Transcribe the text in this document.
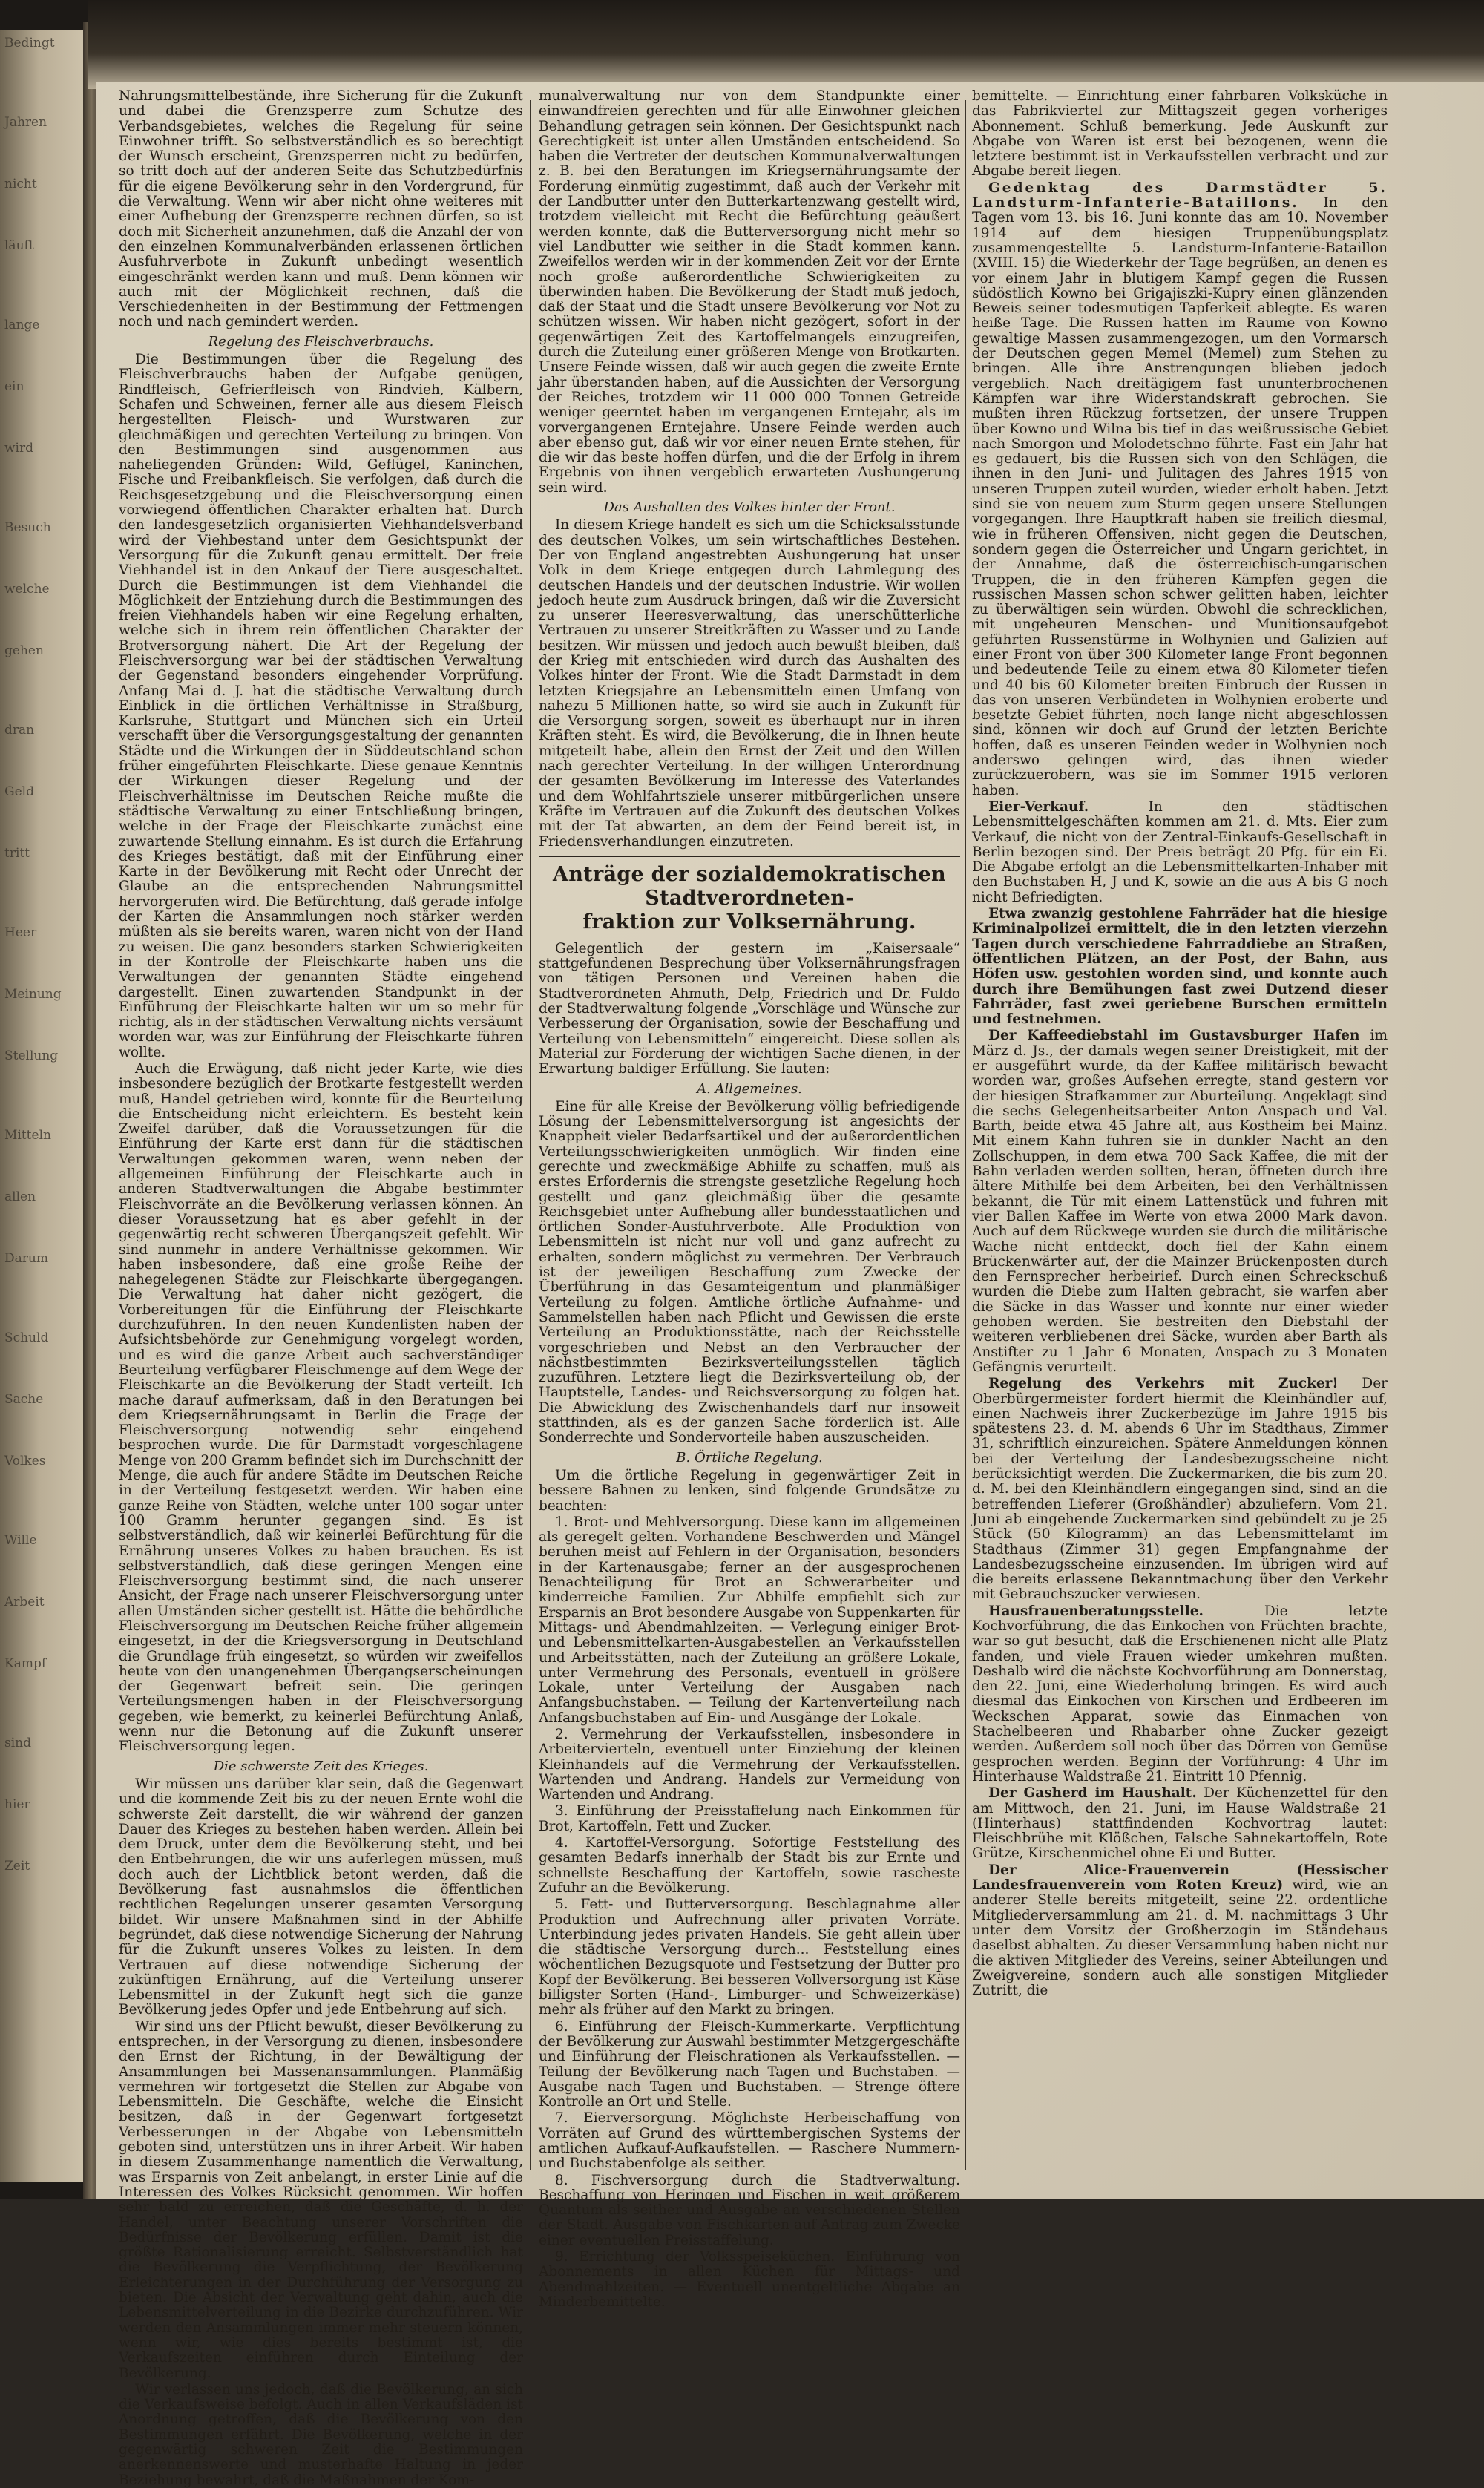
Bedingt
Jahren
nicht
läuft
lange
ein
wird
Besuch
welche
gehen
dran
Geld
tritt
Heer
Meinung
Stellung
Mitteln
allen
Darum
Schuld
Sache
Volkes
Wille
Arbeit
Kampf
sind
hier
Zeit

Nahrungsmittelbestände, ihre Sicherung für die Zukunft und dabei die Grenzsperre zum Schutze des Verbandsgebietes, welches die Regelung für seine Einwohner trifft. So selbstverständlich es so berechtigt der Wunsch erscheint, Grenzsperren nicht zu bedürfen, so tritt doch auf der anderen Seite das Schutzbedürfnis für die eigene Bevölkerung sehr in den Vordergrund, für die Verwaltung. Wenn wir aber nicht ohne weiteres mit einer Aufhebung der Grenzsperre rechnen dürfen, so ist doch mit Sicherheit anzunehmen, daß die Anzahl der von den einzelnen Kommunalverbänden erlassenen örtlichen Ausfuhrverbote in Zukunft unbedingt wesentlich eingeschränkt werden kann und muß. Denn können wir auch mit der Möglichkeit rechnen, daß die Verschiedenheiten in der Bestimmung der Fettmengen noch und nach gemindert werden.

Regelung des Fleischverbrauchs.

Die Bestimmungen über die Regelung des Fleischverbrauchs haben der Aufgabe genügen, Rindfleisch, Gefrierfleisch von Rindvieh, Kälbern, Schafen und Schweinen, ferner alle aus diesem Fleisch hergestellten Fleisch- und Wurstwaren zur gleichmäßigen und gerechten Verteilung zu bringen. Von den Bestimmungen sind ausgenommen aus naheliegenden Gründen: Wild, Geflügel, Kaninchen, Fische und Freibankfleisch. Sie verfolgen, daß durch die Reichsgesetzgebung und die Fleischversorgung einen vorwiegend öffentlichen Charakter erhalten hat. Durch den landesgesetzlich organisierten Viehhandelsverband wird der Viehbestand unter dem Gesichtspunkt der Versorgung für die Zukunft genau ermittelt. Der freie Viehhandel ist in den Ankauf der Tiere ausgeschaltet. Durch die Bestimmungen ist dem Viehhandel die Möglichkeit der Entziehung durch die Bestimmungen des freien Viehhandels haben wir eine Regelung erhalten, welche sich in ihrem rein öffentlichen Charakter der Brotversorgung nähert. Die Art der Regelung der Fleischversorgung war bei der städtischen Verwaltung der Gegenstand besonders eingehender Vorprüfung. Anfang Mai d. J. hat die städtische Verwaltung durch Einblick in die örtlichen Verhältnisse in Straßburg, Karlsruhe, Stuttgart und München sich ein Urteil verschafft über die Versorgungsgestaltung der genannten Städte und die Wirkungen der in Süddeutschland schon früher eingeführten Fleischkarte. Diese genaue Kenntnis der Wirkungen dieser Regelung und der Fleischverhältnisse im Deutschen Reiche mußte die städtische Verwaltung zu einer Entschließung bringen, welche in der Frage der Fleischkarte zunächst eine zuwartende Stellung einnahm. Es ist durch die Erfahrung des Krieges bestätigt, daß mit der Einführung einer Karte in der Bevölkerung mit Recht oder Unrecht der Glaube an die entsprechenden Nahrungsmittel hervorgerufen wird. Die Befürchtung, daß gerade infolge der Karten die Ansammlungen noch stärker werden müßten als sie bereits waren, waren nicht von der Hand zu weisen. Die ganz besonders starken Schwierigkeiten in der Kontrolle der Fleischkarte haben uns die Verwaltungen der genannten Städte eingehend dargestellt. Einen zuwartenden Standpunkt in der Einführung der Fleischkarte halten wir um so mehr für richtig, als in der städtischen Verwaltung nichts versäumt worden war, was zur Einführung der Fleischkarte führen wollte.

Auch die Erwägung, daß nicht jeder Karte, wie dies insbesondere bezüglich der Brotkarte festgestellt werden muß, Handel getrieben wird, konnte für die Beurteilung die Entscheidung nicht erleichtern. Es besteht kein Zweifel darüber, daß die Voraussetzungen für die Einführung der Karte erst dann für die städtischen Verwaltungen gekommen waren, wenn neben der allgemeinen Einführung der Fleischkarte auch in anderen Stadtverwaltungen die Abgabe bestimmter Fleischvorräte an die Bevölkerung verlassen können. An dieser Voraussetzung hat es aber gefehlt in der gegenwärtig recht schweren Übergangszeit gefehlt. Wir sind nunmehr in andere Verhältnisse gekommen. Wir haben insbesondere, daß eine große Reihe der nahegelegenen Städte zur Fleischkarte übergegangen. Die Verwaltung hat daher nicht gezögert, die Vorbereitungen für die Einführung der Fleischkarte durchzuführen. In den neuen Kundenlisten haben der Aufsichtsbehörde zur Genehmigung vorgelegt worden, und es wird die ganze Arbeit auch sachverständiger Beurteilung verfügbarer Fleischmenge auf dem Wege der Fleischkarte an die Bevölkerung der Stadt verteilt. Ich mache darauf aufmerksam, daß in den Beratungen bei dem Kriegsernährungsamt in Berlin die Frage der Fleischversorgung notwendig sehr eingehend besprochen wurde. Die für Darmstadt vorgeschlagene Menge von 200 Gramm befindet sich im Durchschnitt der Menge, die auch für andere Städte im Deutschen Reiche in der Verteilung festgesetzt werden. Wir haben eine ganze Reihe von Städten, welche unter 100 sogar unter 100 Gramm herunter gegangen sind. Es ist selbstverständlich, daß wir keinerlei Befürchtung für die Ernährung unseres Volkes zu haben brauchen. Es ist selbstverständlich, daß diese geringen Mengen eine Fleischversorgung bestimmt sind, die nach unserer Ansicht, der Frage nach unserer Fleischversorgung unter allen Umständen sicher gestellt ist. Hätte die behördliche Fleischversorgung im Deutschen Reiche früher allgemein eingesetzt, in der die Kriegsversorgung in Deutschland die Grundlage früh eingesetzt, so würden wir zweifellos heute von den unangenehmen Übergangserscheinungen der Gegenwart befreit sein. Die geringen Verteilungsmengen haben in der Fleischversorgung gegeben, wie bemerkt, zu keinerlei Befürchtung Anlaß, wenn nur die Betonung auf die Zukunft unserer Fleischversorgung legen.

Die schwerste Zeit des Krieges.

Wir müssen uns darüber klar sein, daß die Gegenwart und die kommende Zeit bis zu der neuen Ernte wohl die schwerste Zeit darstellt, die wir während der ganzen Dauer des Krieges zu bestehen haben werden. Allein bei dem Druck, unter dem die Bevölkerung steht, und bei den Entbehrungen, die wir uns auferlegen müssen, muß doch auch der Lichtblick betont werden, daß die Bevölkerung fast ausnahmslos die öffentlichen rechtlichen Regelungen unserer gesamten Versorgung bildet. Wir unsere Maßnahmen sind in der Abhilfe begründet, daß diese notwendige Sicherung der Nahrung für die Zukunft unseres Volkes zu leisten. In dem Vertrauen auf diese notwendige Sicherung der zukünftigen Ernährung, auf die Verteilung unserer Lebensmittel in der Zukunft hegt sich die ganze Bevölkerung jedes Opfer und jede Entbehrung auf sich.

Wir sind uns der Pflicht bewußt, dieser Bevölkerung zu entsprechen, in der Versorgung zu dienen, insbesondere den Ernst der Richtung, in der Bewältigung der Ansammlungen bei Massenansammlungen. Planmäßig vermehren wir fortgesetzt die Stellen zur Abgabe von Lebensmitteln. Die Geschäfte, welche die Einsicht besitzen, daß in der Gegenwart fortgesetzt Verbesserungen in der Abgabe von Lebensmitteln geboten sind, unterstützen uns in ihrer Arbeit. Wir haben in diesem Zusammenhange namentlich die Verwaltung, was Ersparnis von Zeit anbelangt, in erster Linie auf die Interessen des Volkes Rücksicht genommen. Wir hoffen sehr bald zu erreichen, daß die Geschäfte, d. h. der Handel, unter Beachtung unserer Vorschriften die Bedürfnisse der Bevölkerung erfüllen. Damit ist die größte Rationalisierung erreicht. Selbstverständlich hat die Bevölkerung die Verpflichtung, der Bevölkerung Erleichterungen in der Durchführung der Versorgung zu bieten. Die Absicht der Verwaltung geht dahin, auch die Lebensmittelverteilung in die Bezirke durchzuführen. Wir werden den Ansammlungen immer mehr steuern können, wenn wir, wie dies bereits bestimmt ist, die Verkaufszeiten einführen durch Einteilung der Bevölkerung.

Wir verlassen uns jedoch, daß die Bevölkerung, an sich die Verkaufsweise befolgt. Auch in allen Verkaufsläden ist Anordnung getroffen, daß die Bevölkerung von den Bestimmungen erfährt. Die Bevölkerung, welche in der gegenwärtig schweren Zeit die Bestimmungen anerkennenswerte und musterhafte Haltung in jeder Beziehung bewahrt, daß die Maßnahmen der Kom-

munalverwaltung nur von dem Standpunkte einer einwandfreien gerechten und für alle Einwohner gleichen Behandlung getragen sein können. Der Gesichtspunkt nach Gerechtigkeit ist unter allen Umständen entscheidend. So haben die Vertreter der deutschen Kommunalverwaltungen z. B. bei den Beratungen im Kriegsernährungsamte der Forderung einmütig zugestimmt, daß auch der Verkehr mit der Landbutter unter den Butterkartenzwang gestellt wird, trotzdem vielleicht mit Recht die Befürchtung geäußert werden konnte, daß die Butterversorgung nicht mehr so viel Landbutter wie seither in die Stadt kommen kann. Zweifellos werden wir in der kommenden Zeit vor der Ernte noch große außerordentliche Schwierigkeiten zu überwinden haben. Die Bevölkerung der Stadt muß jedoch, daß der Staat und die Stadt unsere Bevölkerung vor Not zu schützen wissen. Wir haben nicht gezögert, sofort in der gegenwärtigen Zeit des Kartoffelmangels einzugreifen, durch die Zuteilung einer größeren Menge von Brotkarten. Unsere Feinde wissen, daß wir auch gegen die zweite Ernte jahr überstanden haben, auf die Aussichten der Versorgung der Reiches, trotzdem wir 11 000 000 Tonnen Getreide weniger geerntet haben im vergangenen Erntejahr, als im vorvergangenen Erntejahre. Unsere Feinde werden auch aber ebenso gut, daß wir vor einer neuen Ernte stehen, für die wir das beste hoffen dürfen, und die der Erfolg in ihrem Ergebnis von ihnen vergeblich erwarteten Aushungerung sein wird.

Das Aushalten des Volkes hinter der Front.

In diesem Kriege handelt es sich um die Schicksalsstunde des deutschen Volkes, um sein wirtschaftliches Bestehen. Der von England angestrebten Aushungerung hat unser Volk in dem Kriege entgegen durch Lahmlegung des deutschen Handels und der deutschen Industrie. Wir wollen jedoch heute zum Ausdruck bringen, daß wir die Zuversicht zu unserer Heeresverwaltung, das unerschütterliche Vertrauen zu unserer Streitkräften zu Wasser und zu Lande besitzen. Wir müssen und jedoch auch bewußt bleiben, daß der Krieg mit entschieden wird durch das Aushalten des Volkes hinter der Front. Wie die Stadt Darmstadt in dem letzten Kriegsjahre an Lebensmitteln einen Umfang von nahezu 5 Millionen hatte, so wird sie auch in Zukunft für die Versorgung sorgen, soweit es überhaupt nur in ihren Kräften steht. Es wird, die Bevölkerung, die in Ihnen heute mitgeteilt habe, allein den Ernst der Zeit und den Willen nach gerechter Verteilung. In der willigen Unterordnung der gesamten Bevölkerung im Interesse des Vaterlandes und dem Wohlfahrtsziele unserer mitbürgerlichen unsere Kräfte im Vertrauen auf die Zukunft des deutschen Volkes mit der Tat abwarten, an dem der Feind bereit ist, in Friedensverhandlungen einzutreten.

Anträge der sozialdemokratischen Stadtverordneten-
fraktion zur Volksernährung.

Gelegentlich der gestern im „Kaisersaale“ stattgefundenen Besprechung über Volksernährungsfragen von tätigen Personen und Vereinen haben die Stadtverordneten Ahmuth, Delp, Friedrich und Dr. Fuldo der Stadtverwaltung folgende „Vorschläge und Wünsche zur Verbesserung der Organisation, sowie der Beschaffung und Verteilung von Lebensmitteln“ eingereicht. Diese sollen als Material zur Förderung der wichtigen Sache dienen, in der Erwartung baldiger Erfüllung. Sie lauten:

A. Allgemeines.

Eine für alle Kreise der Bevölkerung völlig befriedigende Lösung der Lebensmittelversorgung ist angesichts der Knappheit vieler Bedarfsartikel und der außerordentlichen Verteilungsschwierigkeiten unmöglich. Wir finden eine gerechte und zweckmäßige Abhilfe zu schaffen, muß als erstes Erfordernis die strengste gesetzliche Regelung hoch gestellt und ganz gleichmäßig über die gesamte Reichsgebiet unter Aufhebung aller bundesstaatlichen und örtlichen Sonder-Ausfuhrverbote. Alle Produktion von Lebensmitteln ist nicht nur voll und ganz aufrecht zu erhalten, sondern möglichst zu vermehren. Der Verbrauch ist der jeweiligen Beschaffung zum Zwecke der Überführung in das Gesamteigentum und planmäßiger Verteilung zu folgen. Amtliche örtliche Aufnahme- und Sammelstellen haben nach Pflicht und Gewissen die erste Verteilung an Produktionsstätte, nach der Reichsstelle vorgeschrieben und Nebst an den Verbraucher der nächstbestimmten Bezirksverteilungsstellen täglich zuzuführen. Letztere liegt die Bezirksverteilung ob, der Hauptstelle, Landes- und Reichsversorgung zu folgen hat. Die Abwicklung des Zwischenhandels darf nur insoweit stattfinden, als es der ganzen Sache förderlich ist. Alle Sonderrechte und Sondervorteile haben auszuscheiden.

B. Örtliche Regelung.

Um die örtliche Regelung in gegenwärtiger Zeit in bessere Bahnen zu lenken, sind folgende Grundsätze zu beachten:

1. Brot- und Mehlversorgung. Diese kann im allgemeinen als geregelt gelten. Vorhandene Beschwerden und Mängel beruhen meist auf Fehlern in der Organisation, besonders in der Kartenausgabe; ferner an der ausgesprochenen Benachteiligung für Brot an Schwerarbeiter und kinderreiche Familien. Zur Abhilfe empfiehlt sich zur Ersparnis an Brot besondere Ausgabe von Suppenkarten für Mittags- und Abendmahlzeiten. — Verlegung einiger Brot- und Lebensmittelkarten-Ausgabestellen an Verkaufsstellen und Arbeitsstätten, nach der Zuteilung an größere Lokale, unter Vermehrung des Personals, eventuell in größere Lokale, unter Verteilung der Ausgaben nach Anfangsbuchstaben. — Teilung der Kartenverteilung nach Anfangsbuchstaben auf Ein- und Ausgänge der Lokale.

2. Vermehrung der Verkaufsstellen, insbesondere in Arbeitervierteln, eventuell unter Einziehung der kleinen Kleinhandels auf die Vermehrung der Verkaufsstellen. Wartenden und Andrang. Handels zur Vermeidung von Wartenden und Andrang.

3. Einführung der Preisstaffelung nach Einkommen für Brot, Kartoffeln, Fett und Zucker.

4. Kartoffel-Versorgung. Sofortige Feststellung des gesamten Bedarfs innerhalb der Stadt bis zur Ernte und schnellste Beschaffung der Kartoffeln, sowie rascheste Zufuhr an die Bevölkerung.

5. Fett- und Butterversorgung. Beschlagnahme aller Produktion und Aufrechnung aller privaten Vorräte. Unterbindung jedes privaten Handels. Sie geht allein über die städtische Versorgung durch... Feststellung eines wöchentlichen Bezugsquote und Festsetzung der Butter pro Kopf der Bevölkerung. Bei besseren Vollversorgung ist Käse billigster Sorten (Hand-, Limburger- und Schweizerkäse) mehr als früher auf den Markt zu bringen.

6. Einführung der Fleisch-Kummerkarte. Verpflichtung der Bevölkerung zur Auswahl bestimmter Metzgergeschäfte und Einführung der Fleischrationen als Verkaufsstellen. — Teilung der Bevölkerung nach Tagen und Buchstaben. — Ausgabe nach Tagen und Buchstaben. — Strenge öftere Kontrolle an Ort und Stelle.

7. Eierversorgung. Möglichste Herbeischaffung von Vorräten auf Grund des württembergischen Systems der amtlichen Aufkauf-Aufkaufstellen. — Raschere Nummern- und Buchstabenfolge als seither.

8. Fischversorgung durch die Stadtverwaltung. Beschaffung von Heringen und Fischen in weit größerem Quantum als seither und Ausgabe an verschiedenen Stellen der Stadt. Ausgabe von Fischkarten auf Antrag zum Zwecke einer eventuellen Preisstaffelung.

9. Errichtung der Volksspeiseküchen. Einführung von Abonnements in allen Küchen für Mittags- und Abendmahlzeiten. — Eventuell unentgeltliche Abgabe an Minderbemittelte.

bemittelte. — Einrichtung einer fahrbaren Volksküche in das Fabrikviertel zur Mittagszeit gegen vorheriges Abonnement. Schluß bemerkung. Jede Auskunft zur Abgabe von Waren ist erst bei bezogenen, wenn die letztere bestimmt ist in Verkaufsstellen verbracht und zur Abgabe bereit liegen.

Gedenktag des Darmstädter 5. Landsturm-Infanterie-Bataillons. In den Tagen vom 13. bis 16. Juni konnte das am 10. November 1914 auf dem hiesigen Truppenübungsplatz zusammengestellte 5. Landsturm-Infanterie-Bataillon (XVIII. 15) die Wiederkehr der Tage begrüßen, an denen es vor einem Jahr in blutigem Kampf gegen die Russen südöstlich Kowno bei Grigajiszki-Kupry einen glänzenden Beweis seiner todesmutigen Tapferkeit ablegte. Es waren heiße Tage. Die Russen hatten im Raume von Kowno gewaltige Massen zusammengezogen, um den Vormarsch der Deutschen gegen Memel (Memel) zum Stehen zu bringen. Alle ihre Anstrengungen blieben jedoch vergeblich. Nach dreitägigem fast ununterbrochenen Kämpfen war ihre Widerstandskraft gebrochen. Sie mußten ihren Rückzug fortsetzen, der unsere Truppen über Kowno und Wilna bis tief in das weißrussische Gebiet nach Smorgon und Molodetschno führte. Fast ein Jahr hat es gedauert, bis die Russen sich von den Schlägen, die ihnen in den Juni- und Julitagen des Jahres 1915 von unseren Truppen zuteil wurden, wieder erholt haben. Jetzt sind sie von neuem zum Sturm gegen unsere Stellungen vorgegangen. Ihre Hauptkraft haben sie freilich diesmal, wie in früheren Offensiven, nicht gegen die Deutschen, sondern gegen die Österreicher und Ungarn gerichtet, in der Annahme, daß die österreichisch-ungarischen Truppen, die in den früheren Kämpfen gegen die russischen Massen schon schwer gelitten haben, leichter zu überwältigen sein würden. Obwohl die schrecklichen, mit ungeheuren Menschen- und Munitionsaufgebot geführten Russenstürme in Wolhynien und Galizien auf einer Front von über 300 Kilometer lange Front begonnen und bedeutende Teile zu einem etwa 80 Kilometer tiefen und 40 bis 60 Kilometer breiten Einbruch der Russen in das von unseren Verbündeten in Wolhynien eroberte und besetzte Gebiet führten, noch lange nicht abgeschlossen sind, können wir doch auf Grund der letzten Berichte hoffen, daß es unseren Feinden weder in Wolhynien noch anderswo gelingen wird, das ihnen wieder zurückzuerobern, was sie im Sommer 1915 verloren haben.

Eier-Verkauf.	In den städtischen Lebensmittelgeschäften kommen am 21. d. Mts. Eier zum Verkauf, die nicht von der Zentral-Einkaufs-Gesellschaft in Berlin bezogen sind. Der Preis beträgt 20 Pfg. für ein Ei. Die Abgabe erfolgt an die Lebensmittelkarten-Inhaber mit den Buchstaben H, J und K, sowie an die aus A bis G noch nicht Befriedigten.

Etwa zwanzig gestohlene Fahrräder hat die hiesige Kriminalpolizei ermittelt, die in den letzten vierzehn Tagen durch verschiedene Fahrraddiebe an Straßen, öffentlichen Plätzen, an der Post, der Bahn, aus Höfen usw. gestohlen worden sind, und konnte auch durch ihre Bemühungen fast zwei Dutzend dieser Fahrräder, fast zwei geriebene Burschen ermitteln und festnehmen.

Der Kaffeediebstahl im Gustavsburger Hafen im März d. Js., der damals wegen seiner Dreistigkeit, mit der er ausgeführt wurde, da der Kaffee militärisch bewacht worden war, großes Aufsehen erregte, stand gestern vor der hiesigen Strafkammer zur Aburteilung. Angeklagt sind die sechs Gelegenheitsarbeiter Anton Anspach und Val. Barth, beide etwa 45 Jahre alt, aus Kostheim bei Mainz. Mit einem Kahn fuhren sie in dunkler Nacht an den Zollschuppen, in dem etwa 700 Sack Kaffee, die mit der Bahn verladen werden sollten, heran, öffneten durch ihre ältere Mithilfe bei dem Arbeiten, bei den Verhältnissen bekannt, die Tür mit einem Lattenstück und fuhren mit vier Ballen Kaffee im Werte von etwa 2000 Mark davon. Auch auf dem Rückwege wurden sie durch die militärische Wache nicht entdeckt, doch fiel der Kahn einem Brückenwärter auf, der die Mainzer Brückenposten durch den Fernsprecher herbeirief. Durch einen Schreckschuß wurden die Diebe zum Halten gebracht, sie warfen aber die Säcke in das Wasser und konnte nur einer wieder gehoben werden. Sie bestreiten den Diebstahl der weiteren verbliebenen drei Säcke, wurden aber Barth als Anstifter zu 1 Jahr 6 Monaten, Anspach zu 3 Monaten Gefängnis verurteilt.

Regelung des Verkehrs mit Zucker! Der Oberbürgermeister fordert hiermit die Kleinhändler auf, einen Nachweis ihrer Zuckerbezüge im Jahre 1915 bis spätestens 23. d. M. abends 6 Uhr im Stadthaus, Zimmer 31, schriftlich einzureichen. Spätere Anmeldungen können bei der Verteilung der Landesbezugsscheine nicht berücksichtigt werden. Die Zuckermarken, die bis zum 20. d. M. bei den Kleinhändlern eingegangen sind, sind an die betreffenden Lieferer (Großhändler) abzuliefern. Vom 21. Juni ab eingehende Zuckermarken sind gebündelt zu je 25 Stück (50 Kilogramm) an das Lebensmittelamt im Stadthaus (Zimmer 31) gegen Empfangnahme der Landesbezugsscheine einzusenden. Im übrigen wird auf die bereits erlassene Bekanntmachung über den Verkehr mit Gebrauchszucker verwiesen.

Hausfrauenberatungsstelle.	Die letzte Kochvorführung, die das Einkochen von Früchten brachte, war so gut besucht, daß die Erschienenen nicht alle Platz fanden, und viele Frauen wieder umkehren mußten. Deshalb wird die nächste Kochvorführung am Donnerstag, den 22. Juni, eine Wiederholung bringen. Es wird auch diesmal das Einkochen von Kirschen und Erdbeeren im Weckschen Apparat, sowie das Einmachen von Stachelbeeren und Rhabarber ohne Zucker gezeigt werden. Außerdem soll noch über das Dörren von Gemüse gesprochen werden. Beginn der Vorführung: 4 Uhr im Hinterhause Waldstraße 21. Eintritt 10 Pfennig.

Der Gasherd im Haushalt. Der Küchenzettel für den am Mittwoch, den 21. Juni, im Hause Waldstraße 21 (Hinterhaus) stattfindenden Kochvortrag lautet: Fleischbrühe mit Klößchen, Falsche Sahnekartoffeln, Rote Grütze, Kirschenmichel ohne Ei und Butter.

Der Alice-Frauenverein (Hessischer Landesfrauenverein vom Roten Kreuz) wird, wie an anderer Stelle bereits mitgeteilt, seine 22. ordentliche Mitgliederversammlung am 21. d. M. nachmittags 3 Uhr unter dem Vorsitz der Großherzogin im Ständehaus daselbst abhalten. Zu dieser Versammlung haben nicht nur die aktiven Mitglieder des Vereins, seiner Abteilungen und Zweigvereine, sondern auch alle sonstigen Mitglieder Zutritt, die
